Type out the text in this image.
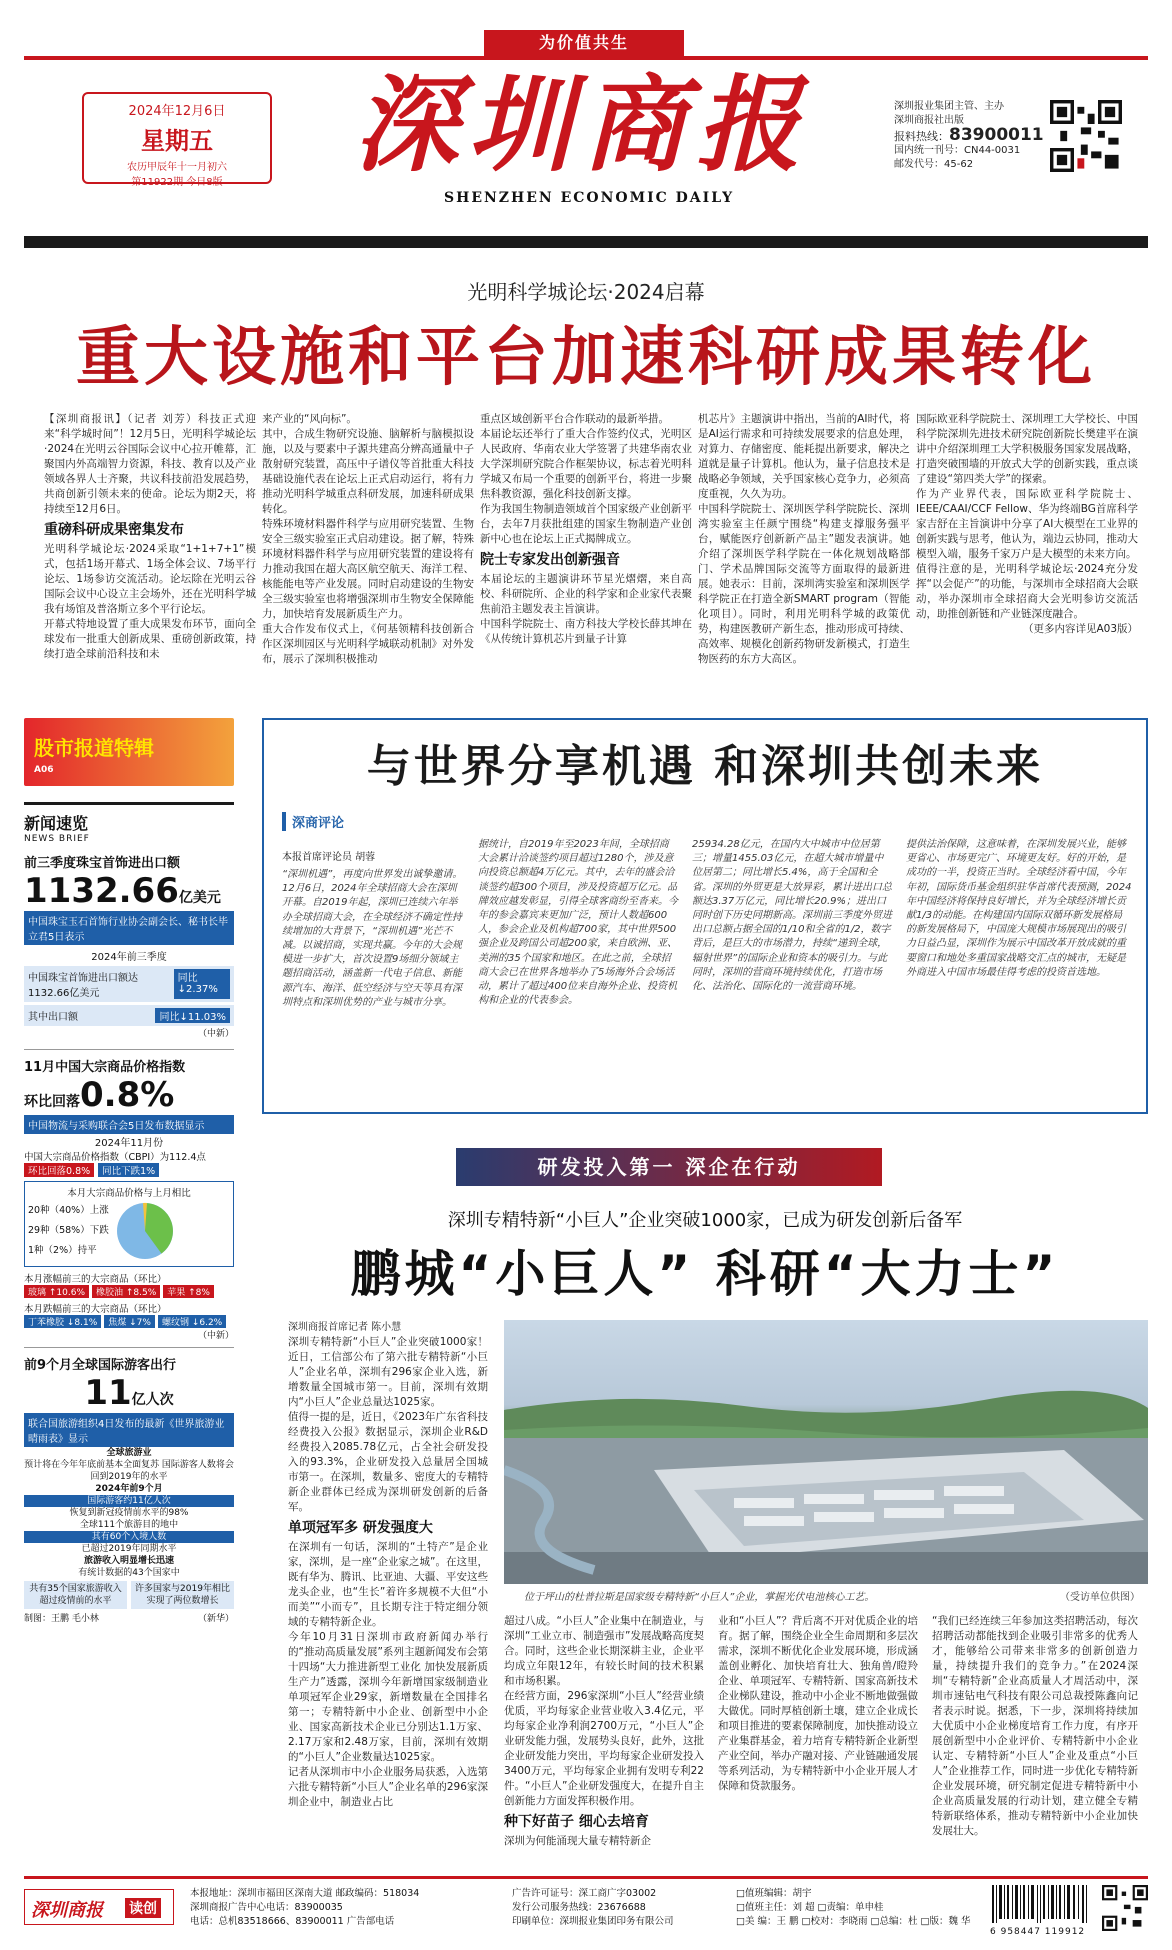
为价值共生
2024年12月6日
星期五
农历甲辰年十一月初六
第11922期 今日8版	深圳商报
SHENZHEN ECONOMIC DAILY
深圳报业集团主管、主办
深圳商报社出版
报料热线：83900011
国内统一刊号：CN44-0031
邮发代号：45-62
光明科学城论坛·2024启幕
重大设施和平台加速科研成果转化

【深圳商报讯】（记者 刘芳）科技正式迎来“科学城时间”！12月5日，光明科学城论坛·2024在光明云谷国际会议中心拉开帷幕，汇聚国内外高端智力资源，科技、教育以及产业领域各界人士齐聚，共议科技前沿发展趋势，共商创新引领未来的使命。论坛为期2天，将持续至12月6日。

重磅科研成果密集发布

光明科学城论坛·2024采取“1+1+7+1”模式，包括1场开幕式、1场全体会议、7场平行论坛、1场参访交流活动。论坛除在光明云谷国际会议中心设立主会场外，还在光明科学城我有场馆及普洛斯立多个平行论坛。

开幕式特地设置了重大成果发布环节，面向全球发布一批重大创新成果、重磅创新政策，持续打造全球前沿科技和未

来产业的“风向标”。

其中，合成生物研究设施、脑解析与脑模拟设施，以及与要素中子源共建高分辨高通量中子散射研究装置，高压中子谱仪等首批重大科技基础设施代表在论坛上正式启动运行，将有力推动光明科学城重点科研发展，加速科研成果转化。

特殊环境材料器件科学与应用研究装置、生物安全三级实验室正式启动建设。据了解，特殊环境材料器件科学与应用研究装置的建设将有力推动我国在超大高区航空航天、海洋工程、核能能电等产业发展。同时启动建设的生物安全三级实验室也将增强深圳市生物安全保障能力，加快培育发展新质生产力。

重大合作发布仪式上，《何基领精科技创新合作区深圳园区与光明科学城联动机制》对外发布，展示了深圳积极推动

重点区域创新平台合作联动的最新举措。

本届论坛还举行了重大合作签约仪式，光明区人民政府、华南农业大学签署了共建华南农业大学深圳研究院合作框架协议，标志着光明科学城又布局一个重要的创新平台，将进一步聚焦科教资源，强化科技创新支撑。

作为我国生物制造领域首个国家级产业创新平台，去年7月获批组建的国家生物制造产业创新中心也在论坛上正式揭牌成立。

院士专家发出创新强音

本届论坛的主题演讲环节星光熠熠，来自高校、科研院所、企业的科学家和企业家代表聚焦前沿主题发表主旨演讲。

中国科学院院士、南方科技大学校长薛其坤在《从传统计算机芯片到量子计算

机芯片》主题演讲中指出，当前的AI时代，将是AI运行需求和可持续发展要求的信息处理，对算力、存储密度、能耗提出新要求，解决之道就是量子计算机。他认为，量子信息技术是战略必争领域，关乎国家核心竞争力，必须高度重视，久久为功。

中国科学院院士、深圳医学科学院院长、深圳湾实验室主任颜宁围绕“构建支撑服务强平台，赋能医疗创新新产品主”题发表演讲。她介绍了深圳医学科学院在一体化规划战略部门、学术品牌国际交流等方面取得的最新进展。她表示：目前，深圳湾实验室和深圳医学科学院正在打造全新SMART program（智能化项目）。同时，利用光明科学城的政策优势，构建医教研产新生态，推动形成可持续、高效率、规模化创新药物研发新模式，打造生物医药的东方大高区。

国际欧亚科学院院士、深圳理工大学校长、中国科学院深圳先进技术研究院创新院长樊建平在演讲中介绍深圳理工大学积极服务国家发展战略，打造突破围墙的开放式大学的创新实践，重点谈了建设“第四类大学”的探索。

作为产业界代表，国际欧亚科学院院士、IEEE/CAAI/CCF Fellow、华为终端BG首席科学家吉舒在主旨演讲中分享了AI大模型在工业界的创新实践与思考，他认为，端边云协同，推动大模型入端，服务千家万户是大模型的未来方向。

值得注意的是，光明科学城论坛·2024充分发挥“以会促产”的功能，与深圳市全球招商大会联动，举办深圳市全球招商大会光明参访交流活动，助推创新链和产业链深度融合。

（更多内容详见A03版）

股市报道特辑
A06
新闻速览
NEWS BRIEF
前三季度珠宝首饰进出口额
1132.66亿美元
中国珠宝玉石首饰行业协会副会长、秘书长毕立君5日表示
2024年前三季度
中国珠宝首饰进出口额达1132.66亿美元
同比↓2.37%
其中出口额	同比↓11.03%
（中新）
11月中国大宗商品价格指数
环比回落0.8%
中国物流与采购联合会5日发布数据显示
2024年11月份
中国大宗商品价格指数（CBPI）为112.4点
环比回落0.8%	同比下跌1%
本月大宗商品价格与上月相比
20种（40%）上涨
29种（58%）下跌
1种（2%）持平
本月涨幅前三的大宗商品（环比）
玻璃 ↑10.6%	橡胶油 ↑8.5%	苹果 ↑8%
本月跌幅前三的大宗商品（环比）
丁苯橡胶 ↓8.1%	焦煤 ↓7%	螺纹钢 ↓6.2%
（中新）
前9个月全球国际游客出行
11亿人次
联合国旅游组织4日发布的最新《世界旅游业晴雨表》显示
全球旅游业
预计将在今年年底前基本全面复苏 国际游客人数将会回到2019年的水平
2024年前9个月
国际游客约11亿人次
恢复到新冠疫情前水平的98%
全球111个旅游目的地中
其有60个入境人数
已超过2019年同期水平
旅游收入明显增长迅速
有统计数据的43个国家中
共有35个国家旅游收入超过疫情前的水平
许多国家与2019年相比实现了两位数增长
制图：王鹏 毛小林	（新华）
与世界分享机遇 和深圳共创未来
深商评论
本报首席评论员 胡蓉
“深圳机遇”，再度向世界发出诚挚邀请。12月6日，2024年全球招商大会在深圳开幕。自2019年起，深圳已连续六年举办全球招商大会，在全球经济不确定性持续增加的大背景下，“深圳机遇”光芒不减。以诚招商，实现共赢。今年的大会规模进一步扩大，首次设置9场细分领域主题招商活动，涵盖新一代电子信息、新能源汽车、海洋、低空经济与空天等具有深圳特点和深圳优势的产业与城市分享。
据统计，自2019年至2023年间，全球招商大会累计洽谈签约项目超过1280个，涉及意向投资总额超4万亿元。其中，去年的盛会洽谈签约超300个项目，涉及投资超万亿元。品牌效应越发彰显，引得全球客商纷至沓来。今年的参会嘉宾来更加广泛，预计人数超600人，参会企业及机构超700家，其中世界500强企业及跨国公司超200家，来自欧洲、亚、美洲的35个国家和地区。在此之前，全球招商大会已在世界各地举办了5场海外合会场活动，累计了超过400位来自海外企业、投资机构和企业的代表参会。
25934.28亿元，在国内大中城市中位居第三；增量1455.03亿元，在超大城市增量中位居第二；同比增长5.4%，高于全国和全省。深圳的外贸更是大放异彩，累计进出口总额达3.37万亿元，同比增长20.9%；进出口同时创下历史同期新高。深圳前三季度外贸进出口总额占据全国的1/10和全省的1/2，数字背后，是巨大的市场潜力，持续“递到全球，辐射世界”的国际企业和资本的吸引力。与此同时，深圳的营商环境持续优化，打造市场化、法治化、国际化的一流营商环境。
提供法治保障，这意味着，在深圳发展兴业，能够更省心、市场更完广、环境更友好。好的开始，是成功的一半，投资正当时。全球经济看中国，今年年初，国际货币基金组织驻华首席代表预测，2024年中国经济将保持良好增长，并为全球经济增长贡献1/3的动能。在构建国内国际双循环新发展格局的新发展格局下，中国庞大规模市场展现出的吸引力日益凸显，深圳作为展示中国改革开放成就的重要窗口和地处多重国家战略交汇点的城市，无疑是外商进入中国市场最佳得考虑的投资首选地。
研发投入第一 深企在行动
深圳专精特新“小巨人”企业突破1000家，已成为研发创新后备军
鹏城“小巨人” 科研“大力士”

深圳商报首席记者 陈小慧

深圳专精特新“小巨人”企业突破1000家！近日，工信部公布了第六批专精特新“小巨人”企业名单，深圳有296家企业入选，新增数量全国城市第一。目前，深圳有效期内“小巨人”企业总量达1025家。

值得一提的是，近日，《2023年广东省科技经费投入公报》数据显示，深圳企业R&D经费投入2085.78亿元，占全社会研发投入的93.3%，企业研发投入总量居全国城市第一。在深圳，数量多、密度大的专精特新企业群体已经成为深圳研发创新的后备军。

单项冠军多 研发强度大

在深圳有一句话，深圳的“土特产”是企业家，深圳，是一座“企业家之城”。在这里，既有华为、腾讯、比亚迪、大疆、平安这些龙头企业，也“生长”着许多规模不大但“小而美”“小而专”，且长期专注于特定细分领域的专精特新企业。

今年10月31日深圳市政府新闻办举行的“推动高质量发展”系列主题新闻发布会第十四场“大力推进新型工业化 加快发展新质生产力”透露，深圳今年新增国家级制造业单项冠军企业29家，新增数量在全国排名第一；专精特新中小企业、创新型中小企业、国家高新技术企业已分别达1.1万家、2.17万家和2.48万家，目前，深圳有效期的“小巨人”企业数量达1025家。

记者从深圳市中小企业服务局获悉，入选第六批专精特新“小巨人”企业名单的296家深圳企业中，制造业占比

位于坪山的杜普拉斯是国家级专精特新“小巨人”企业，掌握光伏电池核心工艺。	（受访单位供图）

超过八成。“小巨人”企业集中在制造业，与深圳“工业立市、制造强市”发展战略高度契合。同时，这些企业长期深耕主业，企业平均成立年限12年，有较长时间的技术积累和市场积累。

在经营方面，296家深圳“小巨人”经营业绩优质，平均每家企业营业收入3.4亿元，平均每家企业净利润2700万元，“小巨人”企业研发能力强，发展势头良好，此外，这批企业研发能力突出，平均每家企业研发投入3400万元，平均每家企业拥有发明专利22件。“小巨人”企业研发强度大，在提升自主创新能力方面发挥积极作用。

种下好苗子 细心去培育

深圳为何能涌现大量专精特新企

业和“小巨人”？背后离不开对优质企业的培育。据了解，围绕企业全生命周期和多层次需求，深圳不断优化企业发展环境，形成涵盖创业孵化、加快培育壮大、独角兽/瞪羚企业、单项冠军、专精特新、国家高新技术企业梯队建设，推动中小企业不断地做强做大做优。同时厚植创新土壤，建立企业成长和项目推进的要素保障制度，加快推动设立产业集群基金，着力培育专精特新企业新型产业空间，举办产融对接、产业链融通发展等系列活动，为专精特新中小企业开展人才保障和贷款服务。
“我们已经连续三年参加这类招聘活动，每次招聘活动都能找到企业吸引非常多的优秀人才，能够给公司带来非常多的创新创造力量，持续提升我们的竞争力。”在2024深圳“专精特新”企业高质量人才周活动中，深圳市速钻电气科技有限公司总裁授陈鑫向记者表示时说。据悉，下一步，深圳将持续加大优质中小企业梯度培育工作力度，有序开展创新型中小企业评价、专精特新中小企业认定、专精特新“小巨人”企业及重点“小巨人”企业推荐工作，同时进一步优化专精特新企业发展环境，研究制定促进专精特新中小企业高质量发展的行动计划，建立健全专精特新联络体系，推动专精特新中小企业加快发展壮大。
深圳商报 读创
本报地址：深圳市福田区深南大道 邮政编码：518034
深圳商报广告中心电话：83900035
电话：总机83518666、83900011 广告部电话
广告许可证号：深工商广字03002
发行公司服务热线：23676688
印刷单位：深圳报业集团印务有限公司
□值班编辑：胡宇
□值班主任：刘 超 □责编：单申桂
□美 编：王 鹏 □校对：李晓雨 □总编：杜 □版：魏 华
6 958447 119912
